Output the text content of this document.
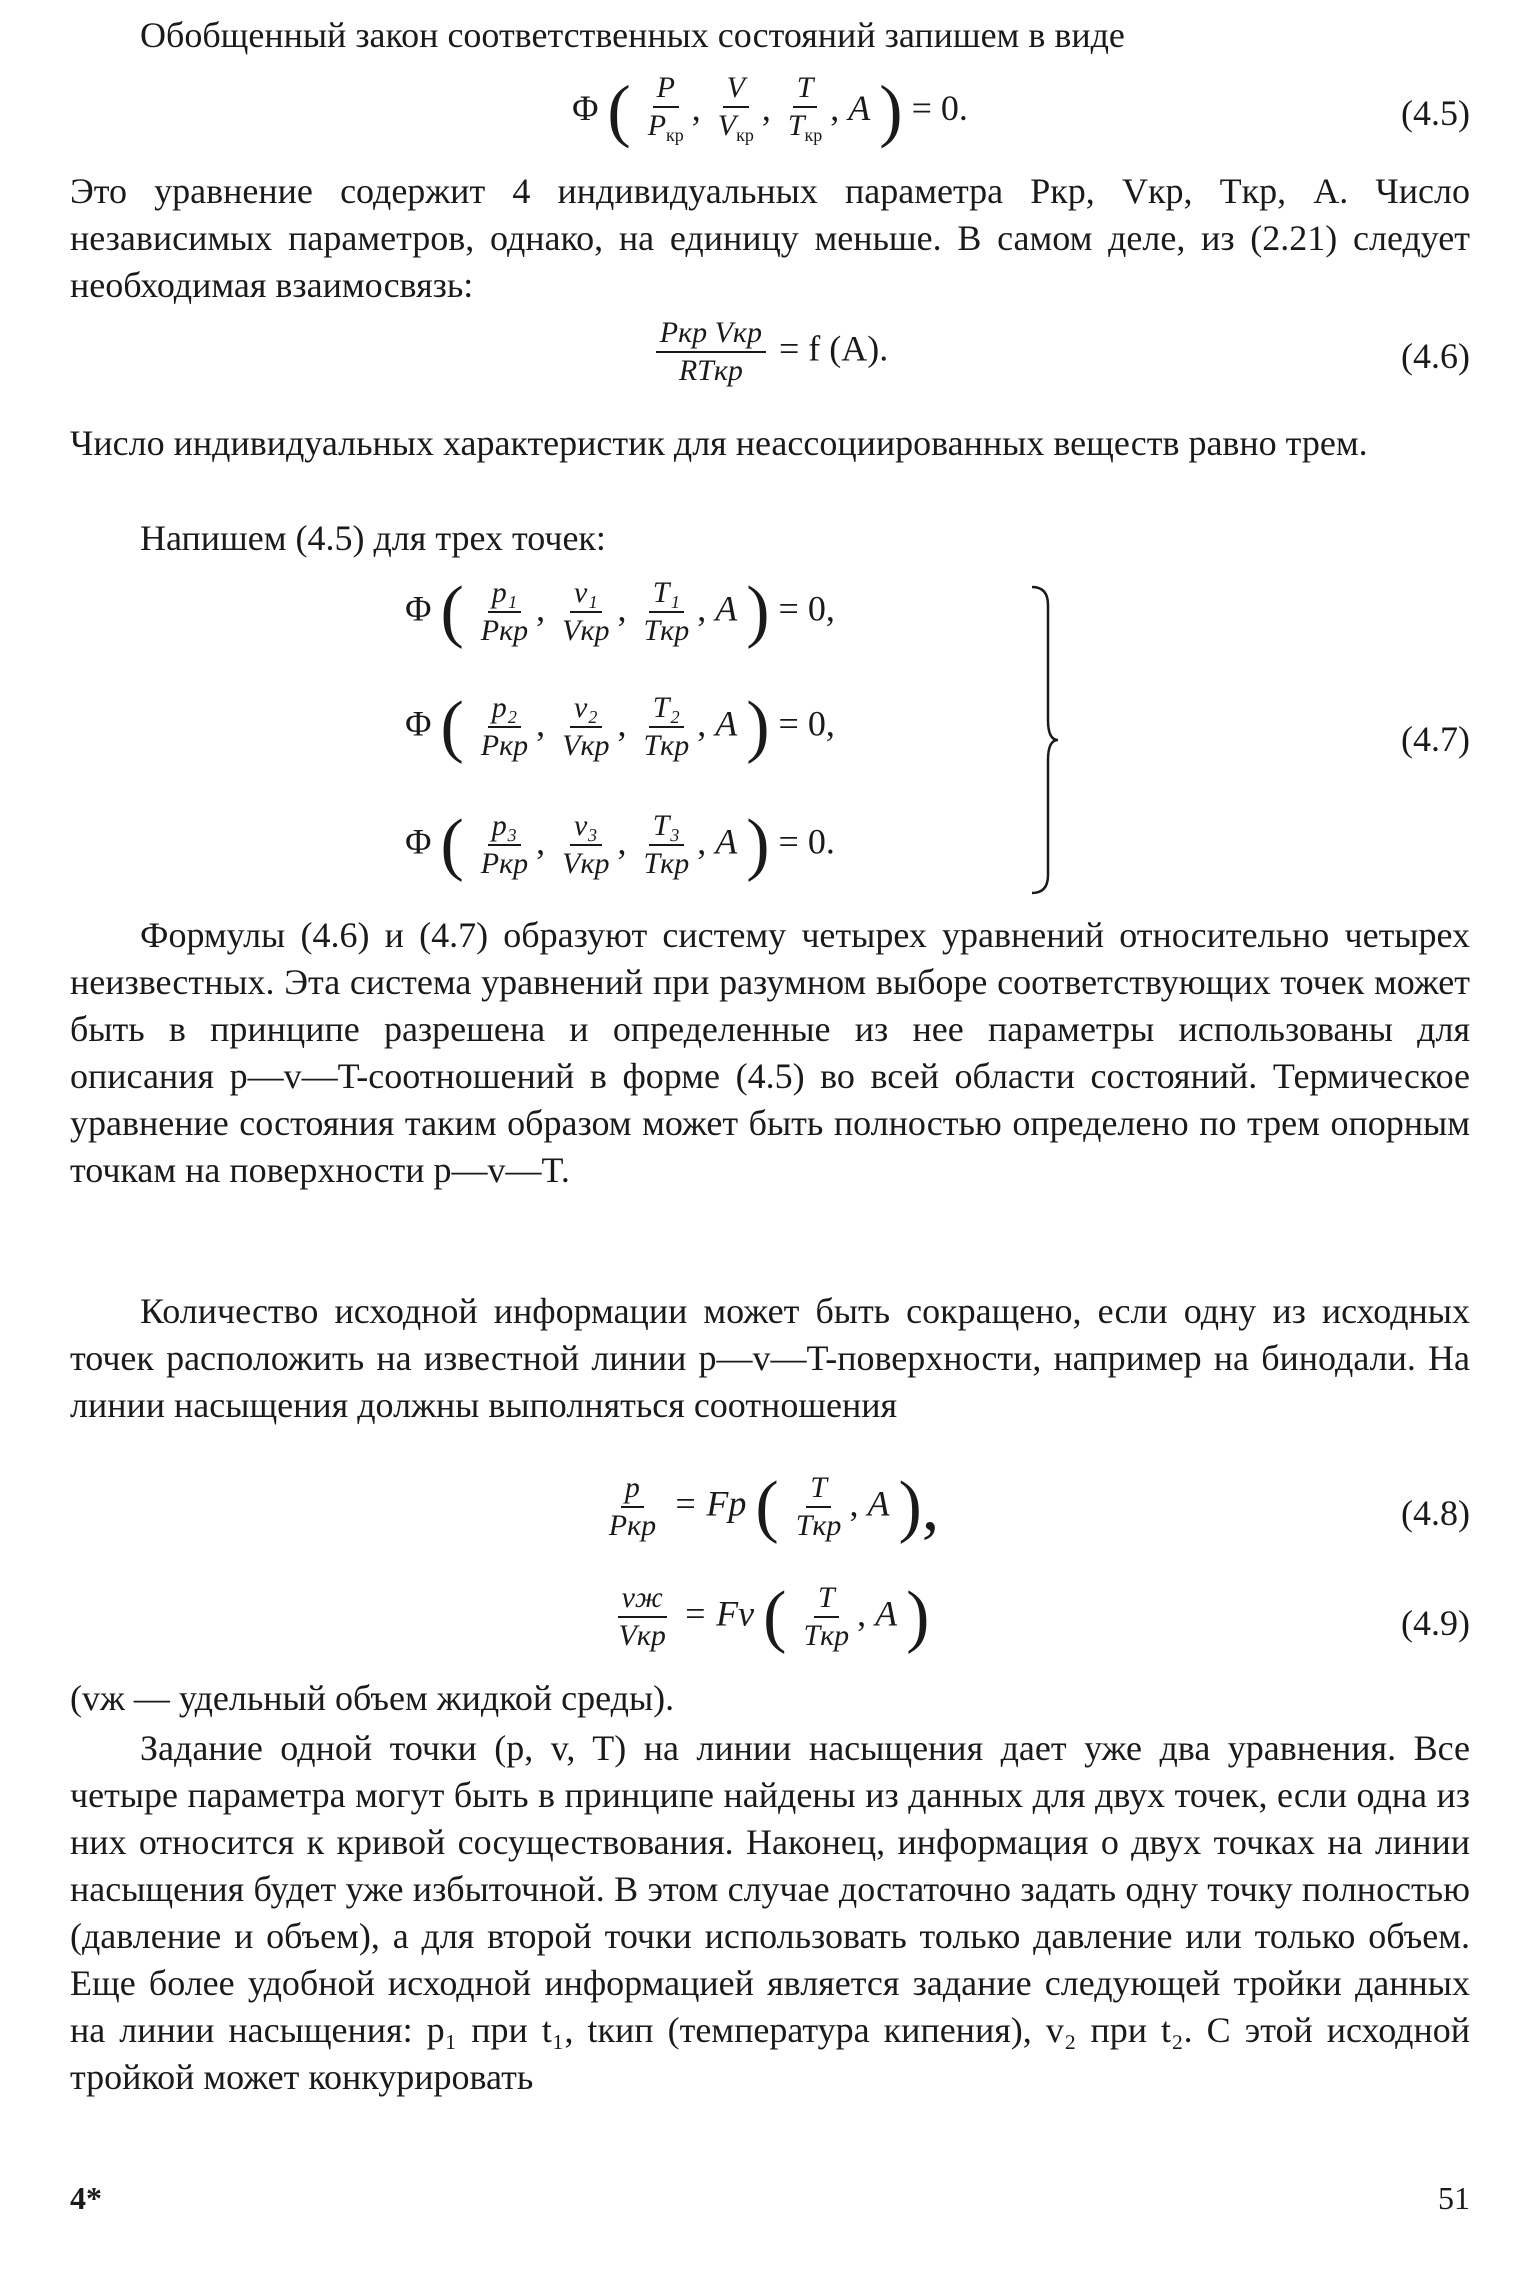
Обобщенный закон соответственных состояний запишем в виде

Φ ( $\frac{P}{P_{кр}}$ , $\frac{V}{V_{кр}}$ , $\frac{T}{T_{кр}}$ , A ) = 0.	(4.5)

Это уравнение содержит 4 индивидуальных параметра Pкр, Vкр, Tкр, A. Число независимых параметров, однако, на единицу меньше. В самом деле, из (2.21) следует необходимая взаимосвязь:

$\frac{\text{Pкр Vкр}}{\text{RTкр}} = f$ (A).	(4.6)

Число индивидуальных характеристик для неассоциированных веществ равно трем.

Напишем (4.5) для трех точек:

Φ ( $\frac{\text{p₁}}{\text{Pкр}}$ , $\frac{\text{v₁}}{\text{Vкр}}$ , $\frac{\text{T₁}}{\text{Tкр}}$ , A ) = 0,
Φ ( $\frac{\text{p₂}}{\text{Pкр}}$ , $\frac{\text{v₂}}{\text{Vкр}}$ , $\frac{\text{T₂}}{\text{Tкр}}$ , A ) = 0,
Φ ( $\frac{\text{p₃}}{\text{Pкр}}$ , $\frac{\text{v₃}}{\text{Vкр}}$ , $\frac{\text{T₃}}{\text{Tкр}}$ , A ) = 0.
(4.7)

Формулы (4.6) и (4.7) образуют систему четырех уравнений относительно четырех неизвестных. Эта система уравнений при разумном выборе соответствующих точек может быть в принципе разрешена и определенные из нее параметры использованы для описания p—v—T-соотношений в форме (4.5) во всей области состояний. Термическое уравнение состояния таким образом может быть полностью определено по трем опорным точкам на поверхности p—v—T.

Количество исходной информации может быть сокращено, если одну из исходных точек расположить на известной линии p—v—T-поверхности, например на бинодали. На линии насыщения должны выполняться соотношения

$\frac{p}{\text{Pкр}} = Fp$ ( $\frac{T}{\text{Tкр}}$ , A ),	(4.8)
$\frac{vж}{\text{Vкр}} = Fv$ ( $\frac{T}{\text{Tкр}}$ , A )	(4.9)

(vж — удельный объем жидкой среды).

Задание одной точки (p, v, T) на линии насыщения дает уже два уравнения. Все четыре параметра могут быть в принципе найдены из данных для двух точек, если одна из них относится к кривой сосуществования. Наконец, информация о двух точках на линии насыщения будет уже избыточной. В этом случае достаточно задать одну точку полностью (давление и объем), а для второй точки использовать только давление или только объем. Еще более удобной исходной информацией является задание следующей тройки данных на линии насыщения: p₁ при t₁, tкип (температура кипения), v₂ при t₂. С этой исходной тройкой может конкурировать

4*	51
